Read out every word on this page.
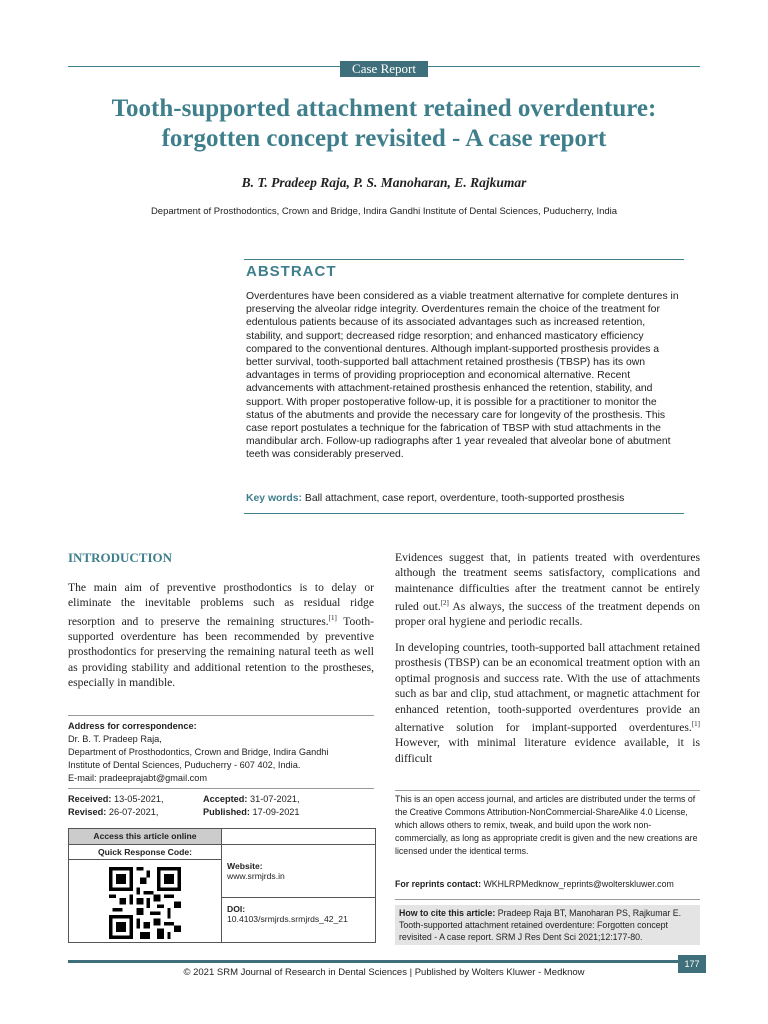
Case Report
Tooth-supported attachment retained overdenture:
forgotten concept revisited - A case report
B. T. Pradeep Raja, P. S. Manoharan, E. Rajkumar
Department of Prosthodontics, Crown and Bridge, Indira Gandhi Institute of Dental Sciences, Puducherry, India
ABSTRACT
Overdentures have been considered as a viable treatment alternative for complete dentures in preserving the alveolar ridge integrity. Overdentures remain the choice of the treatment for edentulous patients because of its associated advantages such as increased retention, stability, and support; decreased ridge resorption; and enhanced masticatory efficiency compared to the conventional dentures. Although implant-supported prosthesis provides a better survival, tooth-supported ball attachment retained prosthesis (TBSP) has its own advantages in terms of providing proprioception and economical alternative. Recent advancements with attachment-retained prosthesis enhanced the retention, stability, and support. With proper postoperative follow-up, it is possible for a practitioner to monitor the status of the abutments and provide the necessary care for longevity of the prosthesis. This case report postulates a technique for the fabrication of TBSP with stud attachments in the mandibular arch. Follow-up radiographs after 1 year revealed that alveolar bone of abutment teeth was considerably preserved.
Key words: Ball attachment, case report, overdenture, tooth-supported prosthesis
INTRODUCTION
The main aim of preventive prosthodontics is to delay or eliminate the inevitable problems such as residual ridge resorption and to preserve the remaining structures.[1] Tooth-supported overdenture has been recommended by preventive prosthodontics for preserving the remaining natural teeth as well as providing stability and additional retention to the prostheses, especially in mandible.

Evidences suggest that, in patients treated with overdentures although the treatment seems satisfactory, complications and maintenance difficulties after the treatment cannot be entirely ruled out.[2] As always, the success of the treatment depends on proper oral hygiene and periodic recalls.

In developing countries, tooth-supported ball attachment retained prosthesis (TBSP) can be an economical treatment option with an optimal prognosis and success rate. With the use of attachments such as bar and clip, stud attachment, or magnetic attachment for enhanced retention, tooth-supported overdentures provide an alternative solution for implant-supported overdentures.[1] However, with minimal literature evidence available, it is difficult

Address for correspondence:
Dr. B. T. Pradeep Raja,
Department of Prosthodontics, Crown and Bridge, Indira Gandhi
Institute of Dental Sciences, Puducherry - 607 402, India.
E-mail: pradeeprajabt@gmail.com
Received: 13-05-2021,	Accepted: 31-07-2021,
Revised: 26-07-2021,	Published: 17-09-2021
Access this article online
Quick Response Code:
Website:
www.srmjrds.in
DOI:
10.4103/srmjrds.srmjrds_42_21
This is an open access journal, and articles are distributed under the terms of the Creative Commons Attribution-NonCommercial-ShareAlike 4.0 License, which allows others to remix, tweak, and build upon the work non-commercially, as long as appropriate credit is given and the new creations are licensed under the identical terms.
For reprints contact: WKHLRPMedknow_reprints@wolterskluwer.com
How to cite this article: Pradeep Raja BT, Manoharan PS, Rajkumar E. Tooth-supported attachment retained overdenture: Forgotten concept revisited - A case report. SRM J Res Dent Sci 2021;12:177-80.
177
© 2021 SRM Journal of Research in Dental Sciences | Published by Wolters Kluwer - Medknow
